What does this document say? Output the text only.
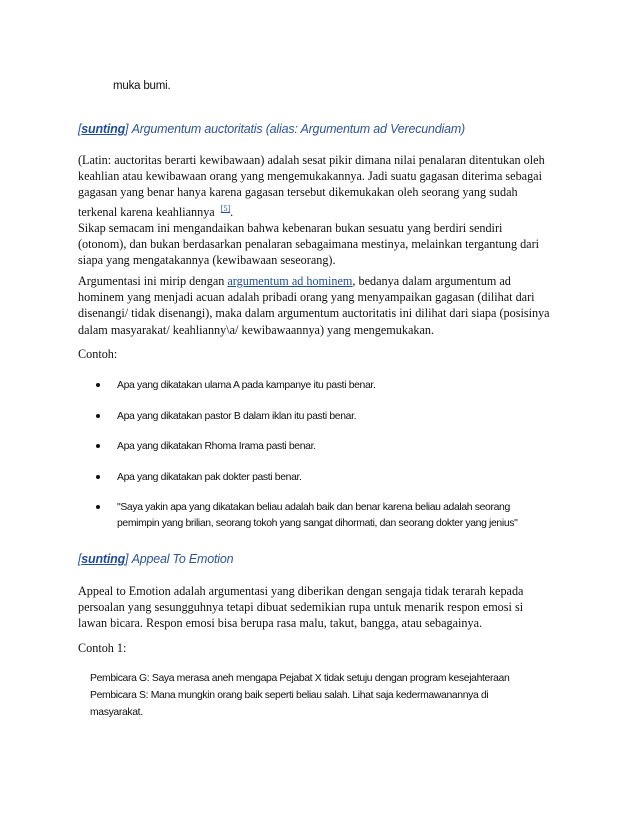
muka bumi.
[sunting] Argumentum auctoritatis (alias: Argumentum ad Verecundiam)
(Latin: auctoritas berarti kewibawaan) adalah sesat pikir dimana nilai penalaran ditentukan oleh
keahlian atau kewibawaan orang yang mengemukakannya. Jadi suatu gagasan diterima sebagai
gagasan yang benar hanya karena gagasan tersebut dikemukakan oleh seorang yang sudah
terkenal karena keahliannya [5].
Sikap semacam ini mengandaikan bahwa kebenaran bukan sesuatu yang berdiri sendiri
(otonom), dan bukan berdasarkan penalaran sebagaimana mestinya, melainkan tergantung dari
siapa yang mengatakannya (kewibawaan seseorang).
Argumentasi ini mirip dengan argumentum ad hominem, bedanya dalam argumentum ad
hominem yang menjadi acuan adalah pribadi orang yang menyampaikan gagasan (dilihat dari
disenangi/ tidak disenangi), maka dalam argumentum auctoritatis ini dilihat dari siapa (posisinya
dalam masyarakat/ keahlianny\a/ kewibawaannya) yang mengemukakan.
Contoh:
Apa yang dikatakan ulama A pada kampanye itu pasti benar.
Apa yang dikatakan pastor B dalam iklan itu pasti benar.
Apa yang dikatakan Rhoma Irama pasti benar.
Apa yang dikatakan pak dokter pasti benar.
"Saya yakin apa yang dikatakan beliau adalah baik dan benar karena beliau adalah seorang
pemimpin yang brilian, seorang tokoh yang sangat dihormati, dan seorang dokter yang jenius"
[sunting] Appeal To Emotion
Appeal to Emotion adalah argumentasi yang diberikan dengan sengaja tidak terarah kepada
persoalan yang sesungguhnya tetapi dibuat sedemikian rupa untuk menarik respon emosi si
lawan bicara. Respon emosi bisa berupa rasa malu, takut, bangga, atau sebagainya.
Contoh 1:
Pembicara G: Saya merasa aneh mengapa Pejabat X tidak setuju dengan program kesejahteraan
Pembicara S: Mana mungkin orang baik seperti beliau salah. Lihat saja kedermawanannya di
masyarakat.
